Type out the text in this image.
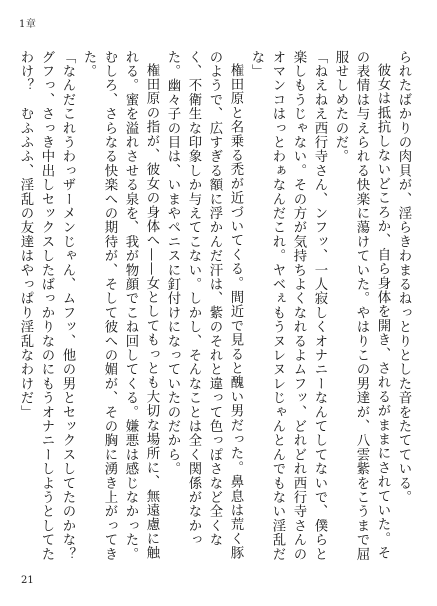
1章

られたばかりの肉貝が、淫らきわまるねっとりとした音をたてている。

彼女は抵抗しないどころか、自ら身体を開き、されるがままにされていた。その表情は与えられる快楽に蕩けていた。やはりこの男達が、八雲紫をこうまで屈服せしめたのだ。

「ねえねえ西行寺さん、ンフッ、一人寂しくオナニーなんてしてないで、僕らと楽しもうじゃない。その方が気持ちよくなれるよムフッ、どれどれ西行寺さんのオマンコはっとわぁなんだこれ。ヤベぇもうヌレヌレじゃんとんでもない淫乱だな」

権田原と名乗る禿が近づいてくる。間近で見ると醜い男だった。鼻息は荒く豚のようで、広すぎる額に浮かんだ汗は、紫のそれと違って色っぽさなど全くなく、不衛生な印象しか与えてこない。しかし、そんなことは全く関係がなかった。幽々子の目は、いまやペニスに釘付けになっていたのだから。

権田原の指が、彼女の身体へ——女としてもっとも大切な場所に、無遠慮に触れる。蜜を溢れさせる泉を、我が物顔でこね回してくる。嫌悪は感じなかった。むしろ、さらなる快楽への期待が、そして彼への媚が、その胸に湧き上がってきた。

「なんだこれうわっザーメンじゃん、ムフッ、他の男とセックスしてたのかな？　グフっ、さっき中出しセックスしたばっかりなのにもうオナニーしようとしてたわけ？　むふふふ、淫乱の友達はやっぱり淫乱なわけだ」

21
